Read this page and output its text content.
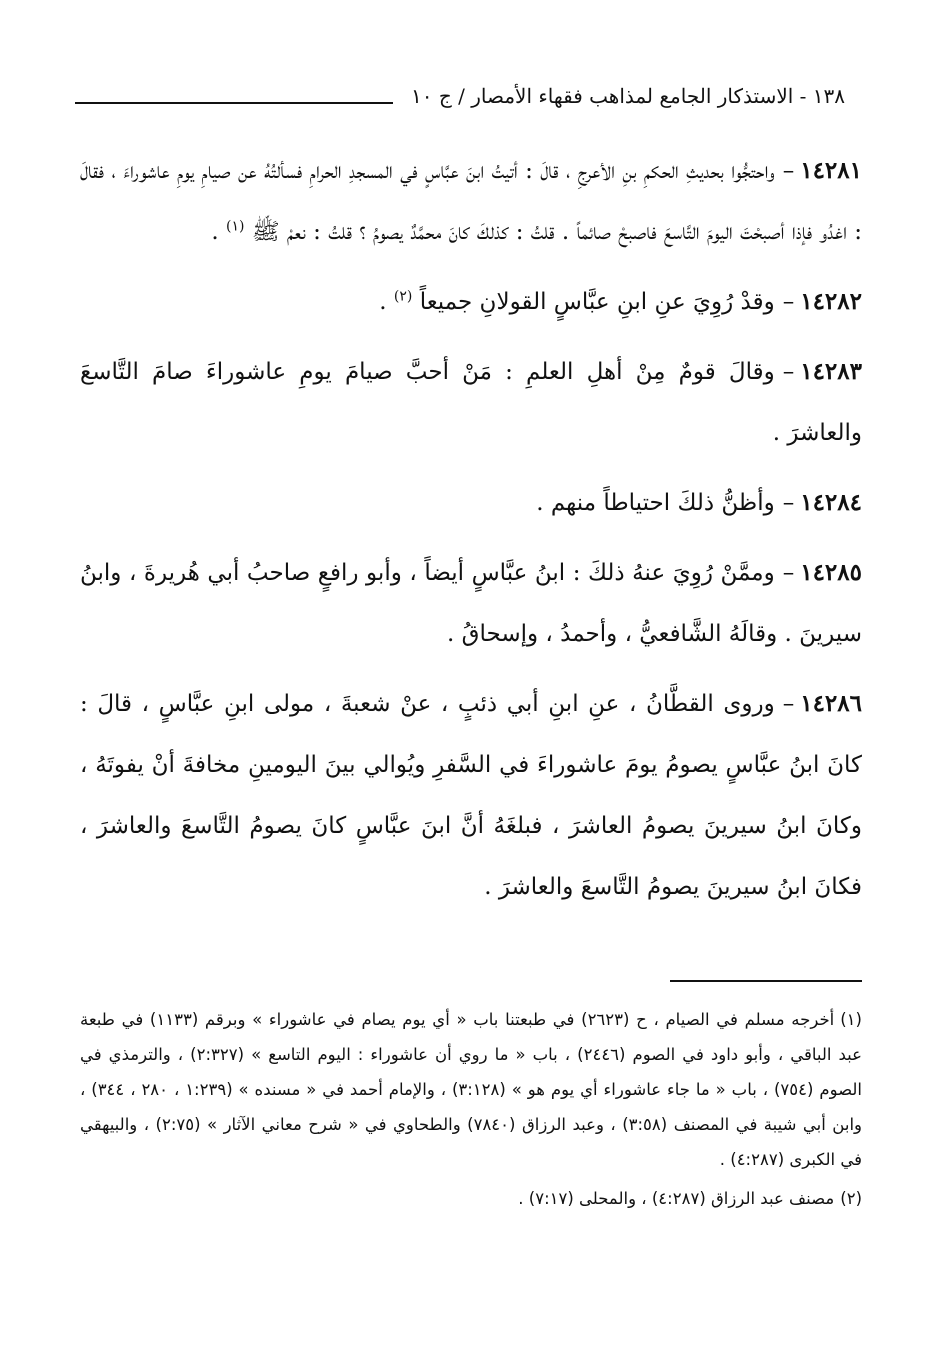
١٣٨ - الاستذكار الجامع لمذاهب فقهاء الأمصار / ج ١٠

١٤٢٨١–واحتجُّوا بحديثِ الحكمِ بنِ الأعرجِ ، قالَ : أتيتُ ابنَ عبَّاسٍ في المسجدِ الحرامِ فسألتُهُ عن صيامِ يومِ عاشوراءَ ، فقالَ : اغدُو فإذا أصبحْتَ اليومَ التَّاسعَ فاصبحْ صائماً . قلتُ : كذلكَ كانَ محمَّدٌ يصومُ ؟ قلتُ : نعمْ ﷺ $^{(١)}$ .

١٤٢٨٢–وقدْ رُوِيَ عنِ ابنِ عبَّاسٍ القولانِ جميعاً $^{(٢)}$ .

١٤٢٨٣–وقالَ قومٌ مِنْ أهلِ العلمِ : مَنْ أحبَّ صيامَ يومِ عاشوراءَ صامَ التَّاسعَ والعاشرَ .

١٤٢٨٤–وأظنُّ ذلكَ احتياطاً منهم .

١٤٢٨٥–وممَّنْ رُوِيَ عنهُ ذلكَ : ابنُ عبَّاسٍ أيضاً ، وأبو رافعٍ صاحبُ أبي هُريرةَ ، وابنُ سيرينَ . وقالَهُ الشَّافعيُّ ، وأحمدُ ، وإسحاقُ .

١٤٢٨٦–وروى القطَّانُ ، عنِ ابنِ أبي ذئبٍ ، عنْ شعبةَ ، مولى ابنِ عبَّاسٍ ، قالَ : كانَ ابنُ عبَّاسٍ يصومُ يومَ عاشوراءَ في السَّفرِ ويُوالي بينَ اليومينِ مخافةَ أنْ يفوتَهُ ، وكانَ ابنُ سيرينَ يصومُ العاشرَ ، فبلغَهُ أنَّ ابنَ عبَّاسٍ كانَ يصومُ التَّاسعَ والعاشرَ ، فكانَ ابنُ سيرينَ يصومُ التَّاسعَ والعاشرَ .

(١)أخرجه مسلم في الصيام ، ح (٢٦٢٣) في طبعتنا باب « أي يوم يصام في عاشوراء » وبرقم (١١٣٣) في طبعة عبد الباقي ، وأبو داود في الصوم (٢٤٤٦) ، باب « ما روي أن عاشوراء : اليوم التاسع » (٢:٣٢٧) ، والترمذي في الصوم (٧٥٤) ، باب « ما جاء عاشوراء أي يوم هو » (٣:١٢٨) ، والإمام أحمد في « مسنده » (١:٢٣٩ ، ٢٨٠ ، ٣٤٤) ، وابن أبي شيبة في المصنف (٣:٥٨) ، وعبد الرزاق (٧٨٤٠) والطحاوي في « شرح معاني الآثار » (٢:٧٥) ، والبيهقي في الكبرى (٤:٢٨٧) .

(٢)مصنف عبد الرزاق (٤:٢٨٧) ، والمحلى (٧:١٧) .
